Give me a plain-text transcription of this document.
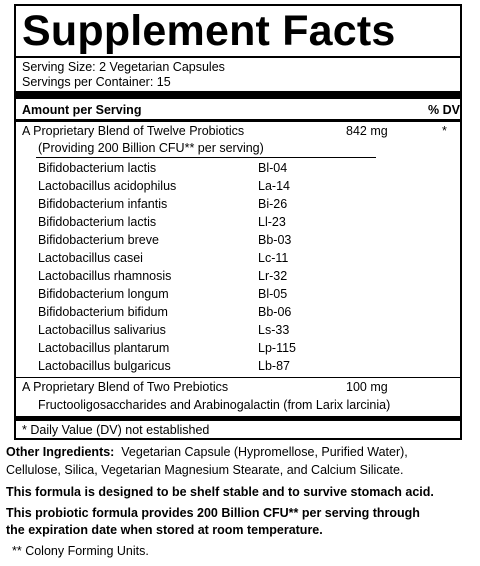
Supplement Facts
Serving Size: 2 Vegetarian Capsules
Servings per Container: 15
Amount per Serving	% DV
A Proprietary Blend of Twelve Probiotics	842 mg	*
(Providing 200 Billion CFU** per serving)
Bifidobacterium lactis	Bl-04
Lactobacillus acidophilus	La-14
Bifidobacterium infantis	Bi-26
Bifidobacterium lactis	Ll-23
Bifidobacterium breve	Bb-03
Lactobacillus casei	Lc-11
Lactobacillus rhamnosis	Lr-32
Bifidobacterium longum	Bl-05
Bifidobacterium bifidum	Bb-06
Lactobacillus salivarius	Ls-33
Lactobacillus plantarum	Lp-115
Lactobacillus bulgaricus	Lb-87
A Proprietary Blend of Two Prebiotics	100 mg
Fructooligosaccharides and Arabinogalactin (from Larix larcinia)
* Daily Value (DV) not established
Other Ingredients:  Vegetarian Capsule (Hypromellose, Purified Water),
Cellulose, Silica, Vegetarian Magnesium Stearate, and Calcium Silicate.
This formula is designed to be shelf stable and to survive stomach acid.
This probiotic formula provides 200 Billion CFU** per serving through
the expiration date when stored at room temperature.
** Colony Forming Units.
